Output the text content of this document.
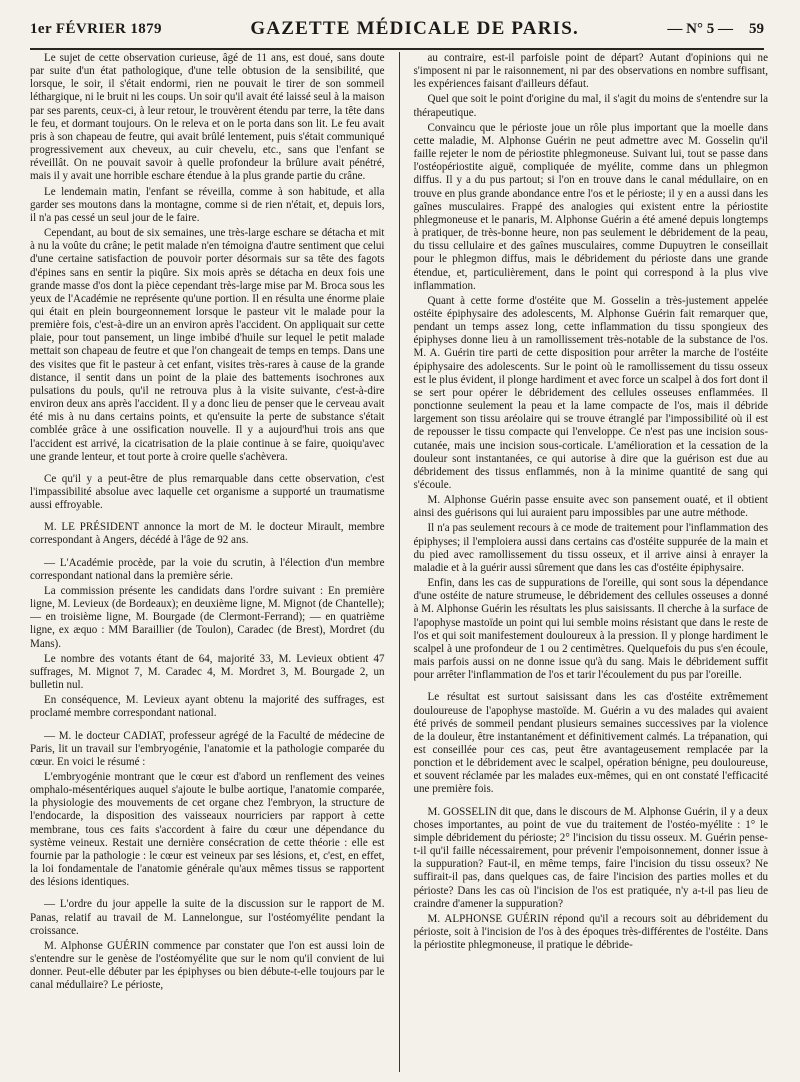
1er FÉVRIER 1879	GAZETTE MÉDICALE DE PARIS.	— N° 5 — 59

Le sujet de cette observation curieuse, âgé de 11 ans, est doué, sans doute par suite d'un état pathologique, d'une telle obtusion de la sensibilité, que lorsque, le soir, il s'était endormi, rien ne pouvait le tirer de son sommeil léthargique, ni le bruit ni les coups. Un soir qu'il avait été laissé seul à la maison par ses parents, ceux-ci, à leur retour, le trouvèrent étendu par terre, la tête dans le feu, et dormant toujours. On le releva et on le porta dans son lit. Le feu avait pris à son chapeau de feutre, qui avait brûlé lentement, puis s'était communiqué progressivement aux cheveux, au cuir chevelu, etc., sans que l'enfant se réveillât. On ne pouvait savoir à quelle profondeur la brûlure avait pénétré, mais il y avait une horrible eschare étendue à la plus grande partie du crâne.

Le lendemain matin, l'enfant se réveilla, comme à son habitude, et alla garder ses moutons dans la montagne, comme si de rien n'était, et, depuis lors, il n'a pas cessé un seul jour de le faire.

Cependant, au bout de six semaines, une très-large eschare se détacha et mit à nu la voûte du crâne; le petit malade n'en témoigna d'autre sentiment que celui d'une certaine satisfaction de pouvoir porter désormais sur sa tête des fagots d'épines sans en sentir la piqûre. Six mois après se détacha en deux fois une grande masse d'os dont la pièce cependant très-large mise par M. Broca sous les yeux de l'Académie ne représente qu'une portion. Il en résulta une énorme plaie qui était en plein bourgeonnement lorsque le pasteur vit le malade pour la première fois, c'est-à-dire un an environ après l'accident. On appliquait sur cette plaie, pour tout pansement, un linge imbibé d'huile sur lequel le petit malade mettait son chapeau de feutre et que l'on changeait de temps en temps. Dans une des visites que fit le pasteur à cet enfant, visites très-rares à cause de la grande distance, il sentit dans un point de la plaie des battements isochrones aux pulsations du pouls, qu'il ne retrouva plus à la visite suivante, c'est-à-dire environ deux ans après l'accident. Il y a donc lieu de penser que le cerveau avait été mis à nu dans certains points, et qu'ensuite la perte de substance s'était comblée grâce à une ossification nouvelle. Il y a aujourd'hui trois ans que l'accident est arrivé, la cicatrisation de la plaie continue à se faire, quoiqu'avec une grande lenteur, et tout porte à croire quelle s'achèvera.

Ce qu'il y a peut-être de plus remarquable dans cette observation, c'est l'impassibilité absolue avec laquelle cet organisme a supporté un traumatisme aussi effroyable.

M. LE PRÉSIDENT annonce la mort de M. le docteur Mirault, membre correspondant à Angers, décédé à l'âge de 92 ans.

— L'Académie procède, par la voie du scrutin, à l'élection d'un membre correspondant national dans la première série.

La commission présente les candidats dans l'ordre suivant : En première ligne, M. Levieux (de Bordeaux); en deuxième ligne, M. Mignot (de Chantelle); — en troisième ligne, M. Bourgade (de Clermont-Ferrand); — en quatrième ligne, ex æquo : MM Baraillier (de Toulon), Caradec (de Brest), Mordret (du Mans).

Le nombre des votants étant de 64, majorité 33, M. Levieux obtient 47 suffrages, M. Mignot 7, M. Caradec 4, M. Mordret 3, M. Bourgade 2, un bulletin nul.

En conséquence, M. Levieux ayant obtenu la majorité des suffrages, est proclamé membre correspondant national.

— M. le docteur CADIAT, professeur agrégé de la Faculté de médecine de Paris, lit un travail sur l'embryogénie, l'anatomie et la pathologie comparée du cœur. En voici le résumé :

L'embryogénie montrant que le cœur est d'abord un renflement des veines omphalo-mésentériques auquel s'ajoute le bulbe aortique, l'anatomie comparée, la physiologie des mouvements de cet organe chez l'embryon, la structure de l'endocarde, la disposition des vaisseaux nourriciers par rapport à cette membrane, tous ces faits s'accordent à faire du cœur une dépendance du système veineux. Restait une dernière consécration de cette théorie : elle est fournie par la pathologie : le cœur est veineux par ses lésions, et, c'est, en effet, la loi fondamentale de l'anatomie générale qu'aux mêmes tissus se rapportent des lésions identiques.

— L'ordre du jour appelle la suite de la discussion sur le rapport de M. Panas, relatif au travail de M. Lannelongue, sur l'ostéomyélite pendant la croissance.

M. Alphonse GUÉRIN commence par constater que l'on est aussi loin de s'entendre sur le genèse de l'ostéomyélite que sur le nom qu'il convient de lui donner. Peut-elle débuter par les épiphyses ou bien débute-t-elle toujours par le canal médullaire? Le périoste,

au contraire, est-il parfoisle point de départ? Autant d'opinions qui ne s'imposent ni par le raisonnement, ni par des observations en nombre suffisant, les expériences faisant d'ailleurs défaut.

Quel que soit le point d'origine du mal, il s'agit du moins de s'entendre sur la thérapeutique.

Convaincu que le périoste joue un rôle plus important que la moelle dans cette maladie, M. Alphonse Guérin ne peut admettre avec M. Gosselin qu'il faille rejeter le nom de périostite phlegmoneuse. Suivant lui, tout se passe dans l'ostéopériostite aiguë, compliquée de myélite, comme dans un phlegmon diffus. Il y a du pus partout; si l'on en trouve dans le canal médullaire, on en trouve en plus grande abondance entre l'os et le périoste; il y en a aussi dans les gaînes musculaires. Frappé des analogies qui existent entre la périostite phlegmoneuse et le panaris, M. Alphonse Guérin a été amené depuis longtemps à pratiquer, de très-bonne heure, non pas seulement le débridement de la peau, du tissu cellulaire et des gaînes musculaires, comme Dupuytren le conseillait pour le phlegmon diffus, mais le débridement du périoste dans une grande étendue, et, particulièrement, dans le point qui correspond à la plus vive inflammation.

Quant à cette forme d'ostéite que M. Gosselin a très-justement appelée ostéite épiphysaire des adolescents, M. Alphonse Guérin fait remarquer que, pendant un temps assez long, cette inflammation du tissu spongieux des épiphyses donne lieu à un ramollissement très-notable de la substance de l'os. M. A. Guérin tire parti de cette disposition pour arrêter la marche de l'ostéite épiphysaire des adolescents. Sur le point où le ramollissement du tissu osseux est le plus évident, il plonge hardiment et avec force un scalpel à dos fort dont il se sert pour opérer le débridement des cellules osseuses enflammées. Il ponctionne seulement la peau et la lame compacte de l'os, mais il débride largement son tissu aréolaire qui se trouve étranglé par l'impossibilité où il est de repousser le tissu compacte qui l'enveloppe. Ce n'est pas une incision sous-cutanée, mais une incision sous-corticale. L'amélioration et la cessation de la douleur sont instantanées, ce qui autorise à dire que la guérison est due au débridement des tissus enflammés, non à la minime quantité de sang qui s'écoule.

M. Alphonse Guérin passe ensuite avec son pansement ouaté, et il obtient ainsi des guérisons qui lui auraient paru impossibles par une autre méthode.

Il n'a pas seulement recours à ce mode de traitement pour l'inflammation des épiphyses; il l'emploiera aussi dans certains cas d'ostéite suppurée de la main et du pied avec ramollissement du tissu osseux, et il arrive ainsi à enrayer la maladie et à la guérir aussi sûrement que dans les cas d'ostéite épiphysaire.

Enfin, dans les cas de suppurations de l'oreille, qui sont sous la dépendance d'une ostéite de nature strumeuse, le débridement des cellules osseuses a donné à M. Alphonse Guérin les résultats les plus saisissants. Il cherche à la surface de l'apophyse mastoïde un point qui lui semble moins résistant que dans le reste de l'os et qui soit manifestement douloureux à la pression. Il y plonge hardiment le scalpel à une profondeur de 1 ou 2 centimètres. Quelquefois du pus s'en écoule, mais parfois aussi on ne donne issue qu'à du sang. Mais le débridement suffit pour arrêter l'inflammation de l'os et tarir l'écoulement du pus par l'oreille.

Le résultat est surtout saisissant dans les cas d'ostéite extrêmement douloureuse de l'apophyse mastoïde. M. Guérin a vu des malades qui avaient été privés de sommeil pendant plusieurs semaines successives par la violence de la douleur, être instantanément et définitivement calmés. La trépanation, qui est conseillée pour ces cas, peut être avantageusement remplacée par la ponction et le débridement avec le scalpel, opération bénigne, peu douloureuse, et souvent réclamée par les malades eux-mêmes, qui en ont constaté l'efficacité une première fois.

M. GOSSELIN dit que, dans le discours de M. Alphonse Guérin, il y a deux choses importantes, au point de vue du traitement de l'ostéo-myélite : 1° le simple débridement du périoste; 2° l'incision du tissu osseux. M. Guérin pense-t-il qu'il faille nécessairement, pour prévenir l'empoisonnement, donner issue à la suppuration? Faut-il, en même temps, faire l'incision du tissu osseux? Ne suffirait-il pas, dans quelques cas, de faire l'incision des parties molles et du périoste? Dans les cas où l'incision de l'os est pratiquée, n'y a-t-il pas lieu de craindre d'amener la suppuration?

M. ALPHONSE GUÉRIN répond qu'il a recours soit au débridement du périoste, soit à l'incision de l'os à des époques très-différentes de l'ostéite. Dans la périostite phlegmoneuse, il pratique le débride-
